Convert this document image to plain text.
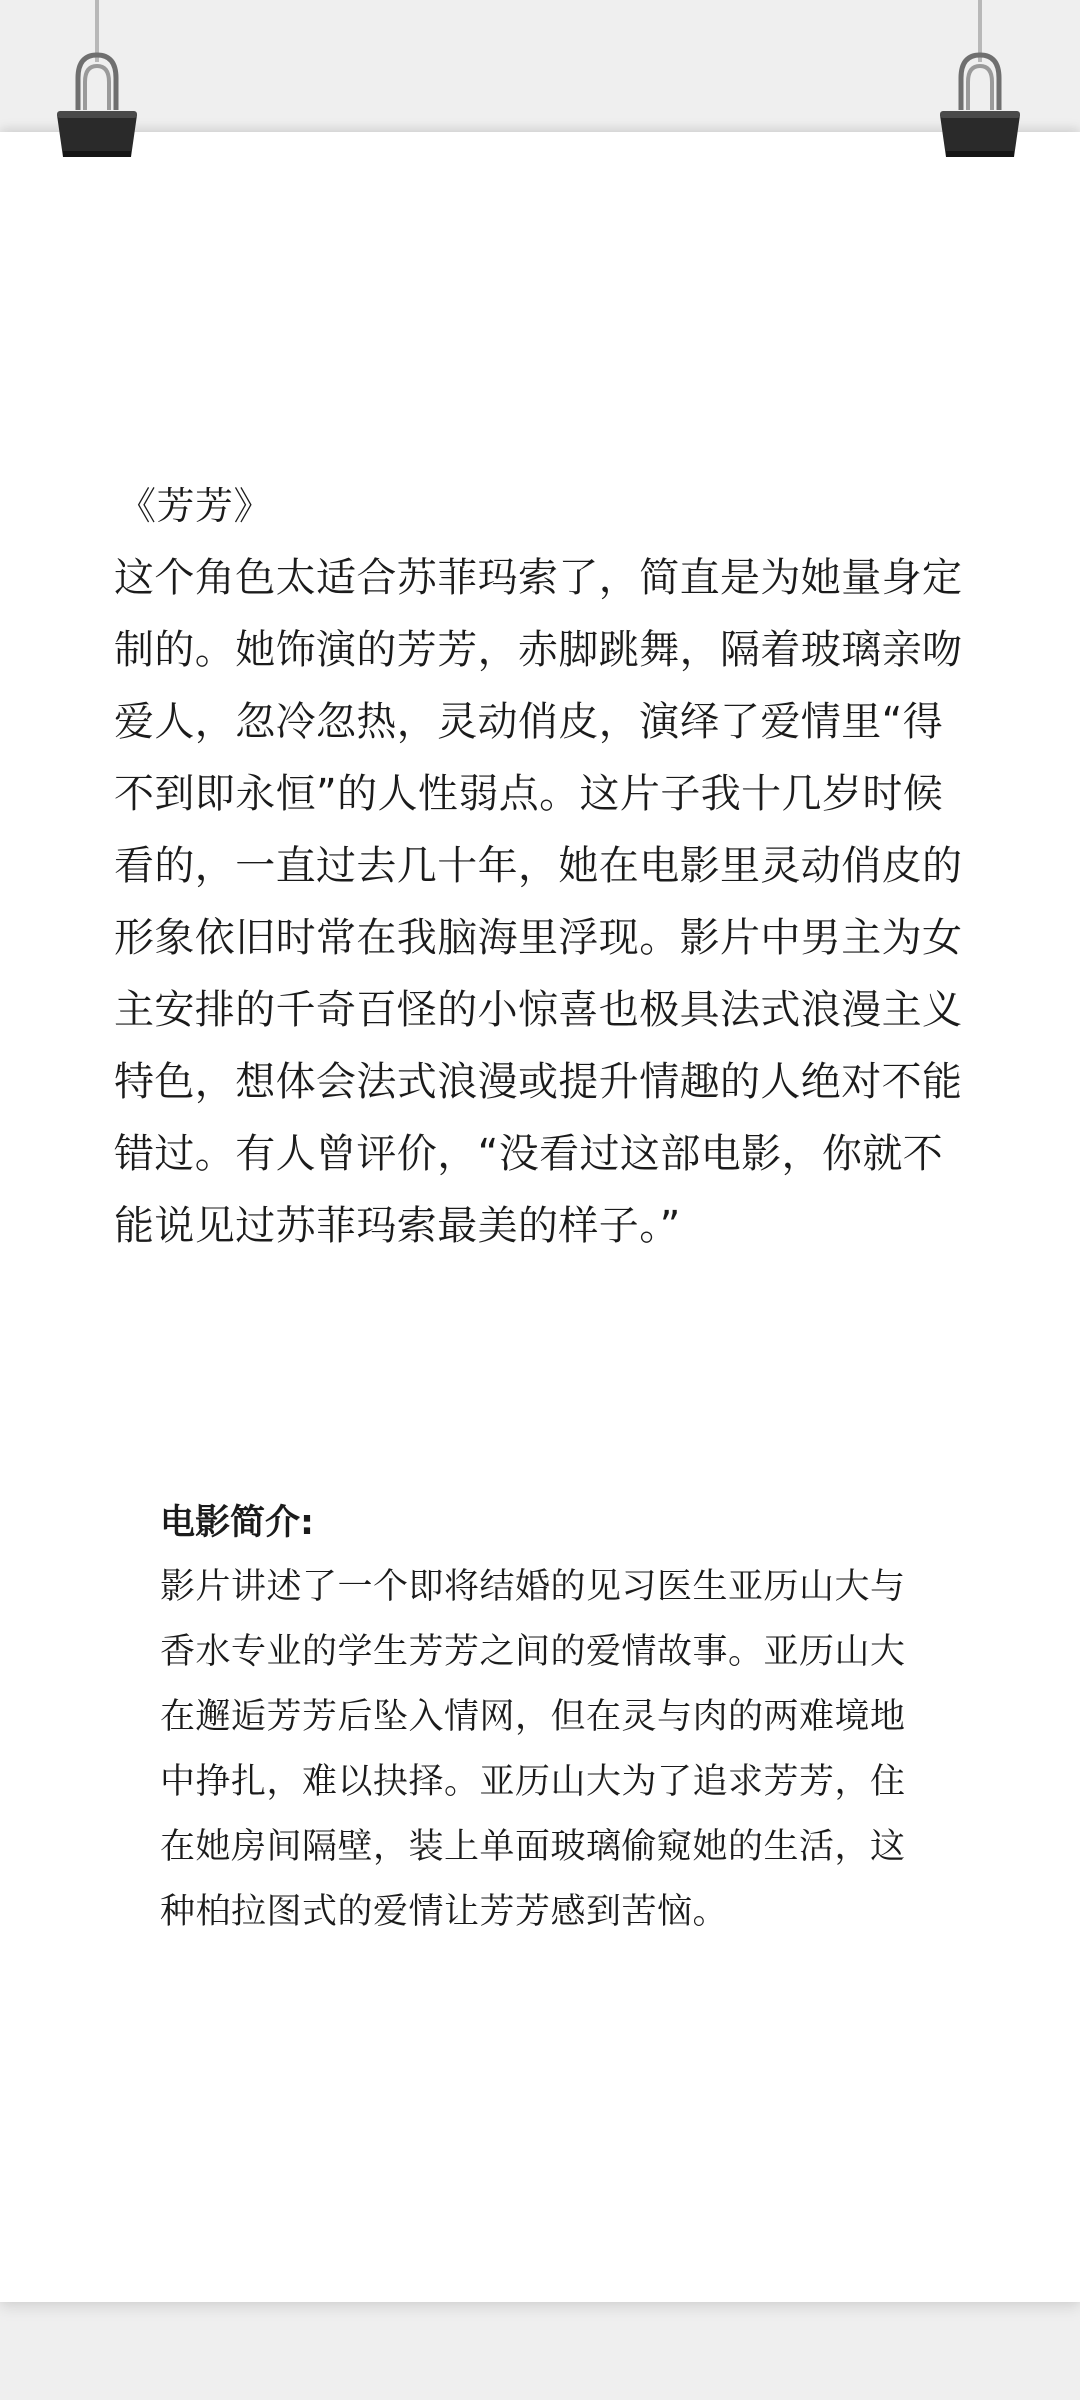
《芳芳》

这个角色太适合苏菲玛索了，简直是为她量身定制的。她饰演的芳芳，赤脚跳舞，隔着玻璃亲吻爱人，忽冷忽热，灵动俏皮，演绎了爱情里“得不到即永恒”的人性弱点。这片子我十几岁时候看的，一直过去几十年，她在电影里灵动俏皮的形象依旧时常在我脑海里浮现。影片中男主为女主安排的千奇百怪的小惊喜也极具法式浪漫主义特色，想体会法式浪漫或提升情趣的人绝对不能错过。有人曾评价，“没看过这部电影，你就不能说见过苏菲玛索最美的样子。”

电影简介:

影片讲述了一个即将结婚的见习医生亚历山大与香水专业的学生芳芳之间的爱情故事。亚历山大在邂逅芳芳后坠入情网，但在灵与肉的两难境地中挣扎，难以抉择。亚历山大为了追求芳芳，住在她房间隔壁，装上单面玻璃偷窥她的生活，这种柏拉图式的爱情让芳芳感到苦恼。
